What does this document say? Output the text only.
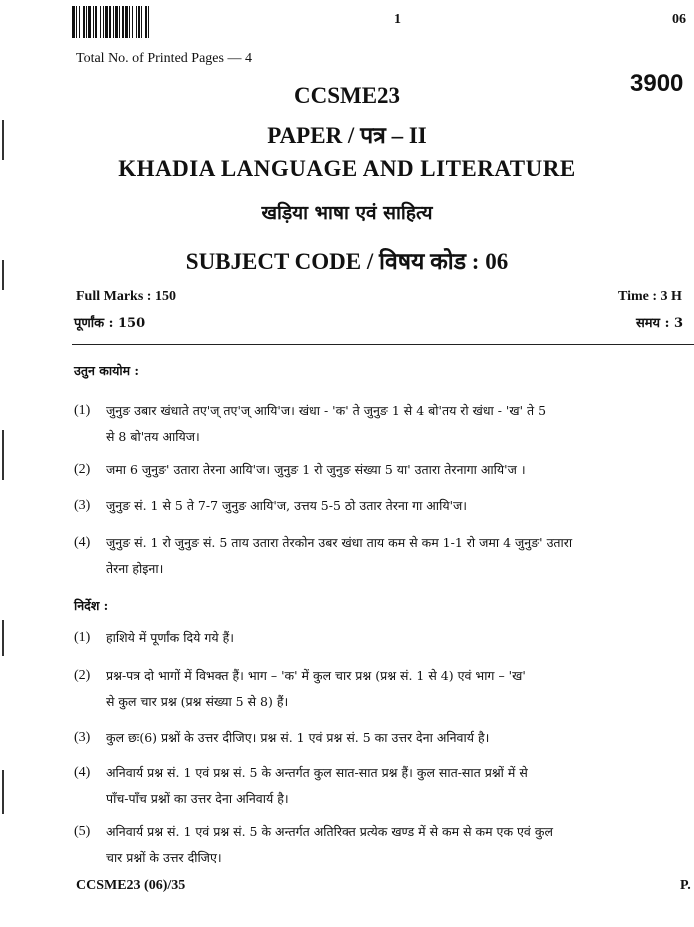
1	06
Total No. of Printed Pages — 4
3900
CCSME23
PAPER / पत्र – II
KHADIA LANGUAGE AND LITERATURE
खड़िया भाषा एवं साहित्य
SUBJECT CODE / विषय कोड : 06
Full Marks : 150
पूर्णांक : 150
Time : 3 H
समय : 3
उतुन कायोम :
(1)	जुनुङ उबार खंधाते तए'ज् तए'ज् आयि'ज। खंधा - 'क' ते जुनुङ 1 से 4 बो'तय रो खंधा - 'ख' ते 5
से 8 बो'तय आयिज।
(2)	जमा 6 जुनुङ' उतारा तेरना आयि'ज। जुनुङ 1 रो जुनुङ संख्या 5 या' उतारा तेरनागा आयि'ज ।
(3)	जुनुङ सं. 1 से 5 ते 7-7 जुनुङ आयि'ज, उत्तय 5-5 ठो उतार तेरना गा आयि'ज।
(4)	जुनुङ सं. 1 रो जुनुङ सं. 5 ताय उतारा तेरकोन उबर खंधा ताय कम से कम 1-1 रो जमा 4 जुनुङ' उतारा
तेरना होइना।
निर्देश :
(1)	हाशिये में पूर्णांक दिये गये हैं।
(2)	प्रश्न-पत्र दो भागों में विभक्त हैं। भाग – 'क' में कुल चार प्रश्न (प्रश्न सं. 1 से 4) एवं भाग – 'ख'
से कुल चार प्रश्न (प्रश्न संख्या 5 से 8) हैं।
(3)	कुल छः(6) प्रश्नों के उत्तर दीजिए। प्रश्न सं. 1 एवं प्रश्न सं. 5 का उत्तर देना अनिवार्य है।
(4)	अनिवार्य प्रश्न सं. 1 एवं प्रश्न सं. 5 के अन्तर्गत कुल सात-सात प्रश्न हैं। कुल सात-सात प्रश्नों में से
पाँच-पाँच प्रश्नों का उत्तर देना अनिवार्य है।
(5)	अनिवार्य प्रश्न सं. 1 एवं प्रश्न सं. 5 के अन्तर्गत अतिरिक्त प्रत्येक खण्ड में से कम से कम एक एवं कुल
चार प्रश्नों के उत्तर दीजिए।
CCSME23 (06)/35	P.
